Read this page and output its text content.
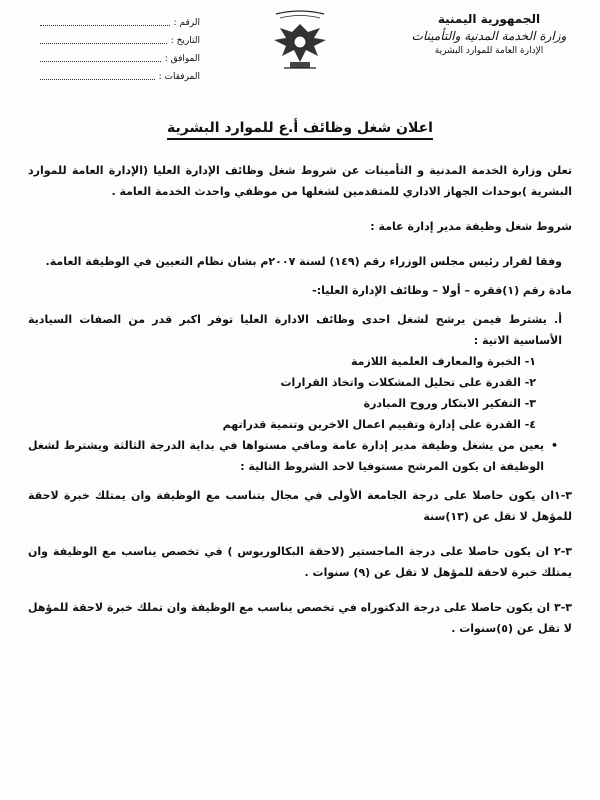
الرقم :
التاريخ :
الموافق :
المرفقات :
الجمهورية اليمنية
وزارة الخدمة المدنية والتأمينات
الإدارة العامة للموارد البشرية
اعلان شغل وظائف أ.ع للموارد البشرية

تعلن وزارة الخدمة المدنية و التأمينات عن شروط شغل وظائف الإدارة العليا (الإدارة العامة للموارد البشرية )بوحدات الجهاز الاداري للمتقدمين لشغلها من موظفي واحدث الخدمة العامة .

شروط شغل وظيفة مدير إدارة عامة :

وفقا لقرار رئيس مجلس الوزراء رقم (١٤٩) لسنة ٢٠٠٧م بشان نظام التعيين في الوظيفة العامة.

مادة رقم (١)فقره – أولا – وظائف الإدارة العليا:-

أ. يشترط فيمن يرشح لشغل احدى وظائف الادارة العليا توفر اكبر قدر من الصفات السيادية الأساسية الاتية :

١- الخبرة والمعارف العلمية اللازمة

٢- القدرة على تحليل المشكلات واتخاذ القرارات

٣- التفكير الابتكار وروح المبادرة

٤- القدرة على إدارة وتقييم اعمال الاخرين وتنمية قدراتهم

• يعين من يشغل وظيفة مدير إدارة عامة ومافي مستواها في بداية الدرجة الثالثة ويشترط لشغل الوظيفة ان يكون المرشح مستوفيا لاحد الشروط التالية :

٣-١ان يكون حاصلا على درجة الجامعة الأولى في مجال يتناسب مع الوظيفة وان يمتلك خبرة لاحقة للمؤهل لا تقل عن (١٣)سنة

٣-٢ ان يكون حاصلا على درجة الماجستير (لاحقة البكالوريوس ) في تخصص يناسب مع الوظيفة وان يمتلك خبرة لاحقة للمؤهل لا تقل عن (٩) سنوات .

٣-٣ ان يكون حاصلا على درجة الدكتوراه في تخصص يناسب مع الوظيفة وان تملك خبرة لاحقة للمؤهل لا تقل عن (٥)سنوات .
